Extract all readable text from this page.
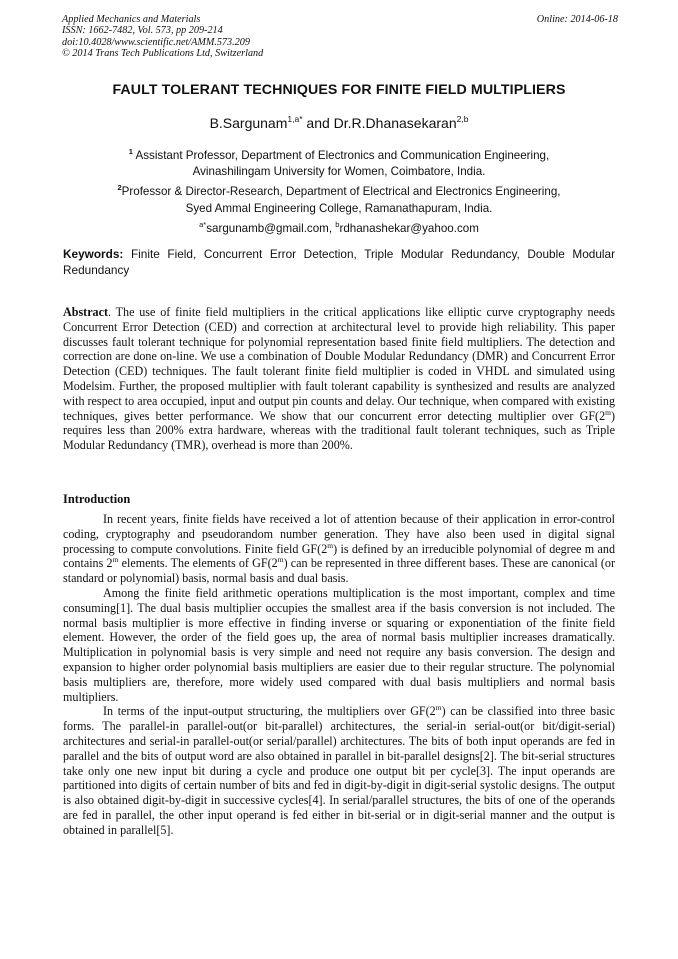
Applied Mechanics and Materials
ISSN: 1662-7482, Vol. 573, pp 209-214
doi:10.4028/www.scientific.net/AMM.573.209
© 2014 Trans Tech Publications Ltd, Switzerland
Online: 2014-06-18
FAULT TOLERANT TECHNIQUES FOR FINITE FIELD MULTIPLIERS
B.Sargunam$^{1,a*}$ and Dr.R.Dhanasekaran$^{2,b}$
$^1$ Assistant Professor, Department of Electronics and Communication Engineering,
Avinashilingam University for Women, Coimbatore, India.
$^2$Professor & Director-Research, Department of Electrical and Electronics Engineering,
Syed Ammal Engineering College, Ramanathapuram, India.
$^{a*}$sargunamb@gmail.com, $^b$rdhanashekar@yahoo.com
Keywords: Finite Field, Concurrent Error Detection, Triple Modular Redundancy, Double Modular Redundancy

Abstract. The use of finite field multipliers in the critical applications like elliptic curve cryptography needs Concurrent Error Detection (CED) and correction at architectural level to provide high reliability. This paper discusses fault tolerant technique for polynomial representation based finite field multipliers. The detection and correction are done on-line. We use a combination of Double Modular Redundancy (DMR) and Concurrent Error Detection (CED) techniques. The fault tolerant finite field multiplier is coded in VHDL and simulated using Modelsim. Further, the proposed multiplier with fault tolerant capability is synthesized and results are analyzed with respect to area occupied, input and output pin counts and delay. Our technique, when compared with existing techniques, gives better performance. We show that our concurrent error detecting multiplier over GF(2$^m$) requires less than 200% extra hardware, whereas with the traditional fault tolerant techniques, such as Triple Modular Redundancy (TMR), overhead is more than 200%.

Introduction

In recent years, finite fields have received a lot of attention because of their application in error-control coding, cryptography and pseudorandom number generation. They have also been used in digital signal processing to compute convolutions. Finite field GF(2$^m$) is defined by an irreducible polynomial of degree m and contains 2$^m$ elements. The elements of GF(2$^m$) can be represented in three different bases. These are canonical (or standard or polynomial) basis, normal basis and dual basis.

Among the finite field arithmetic operations multiplication is the most important, complex and time consuming[1]. The dual basis multiplier occupies the smallest area if the basis conversion is not included. The normal basis multiplier is more effective in finding inverse or squaring or exponentiation of the finite field element. However, the order of the field goes up, the area of normal basis multiplier increases dramatically. Multiplication in polynomial basis is very simple and need not require any basis conversion. The design and expansion to higher order polynomial basis multipliers are easier due to their regular structure. The polynomial basis multipliers are, therefore, more widely used compared with dual basis multipliers and normal basis multipliers.

In terms of the input-output structuring, the multipliers over GF(2$^m$) can be classified into three basic forms. The parallel-in parallel-out(or bit-parallel) architectures, the serial-in serial-out(or bit/digit-serial) architectures and serial-in parallel-out(or serial/parallel) architectures. The bits of both input operands are fed in parallel and the bits of output word are also obtained in parallel in bit-parallel designs[2]. The bit-serial structures take only one new input bit during a cycle and produce one output bit per cycle[3]. The input operands are partitioned into digits of certain number of bits and fed in digit-by-digit in digit-serial systolic designs. The output is also obtained digit-by-digit in successive cycles[4]. In serial/parallel structures, the bits of one of the operands are fed in parallel, the other input operand is fed either in bit-serial or in digit-serial manner and the output is obtained in parallel[5].
